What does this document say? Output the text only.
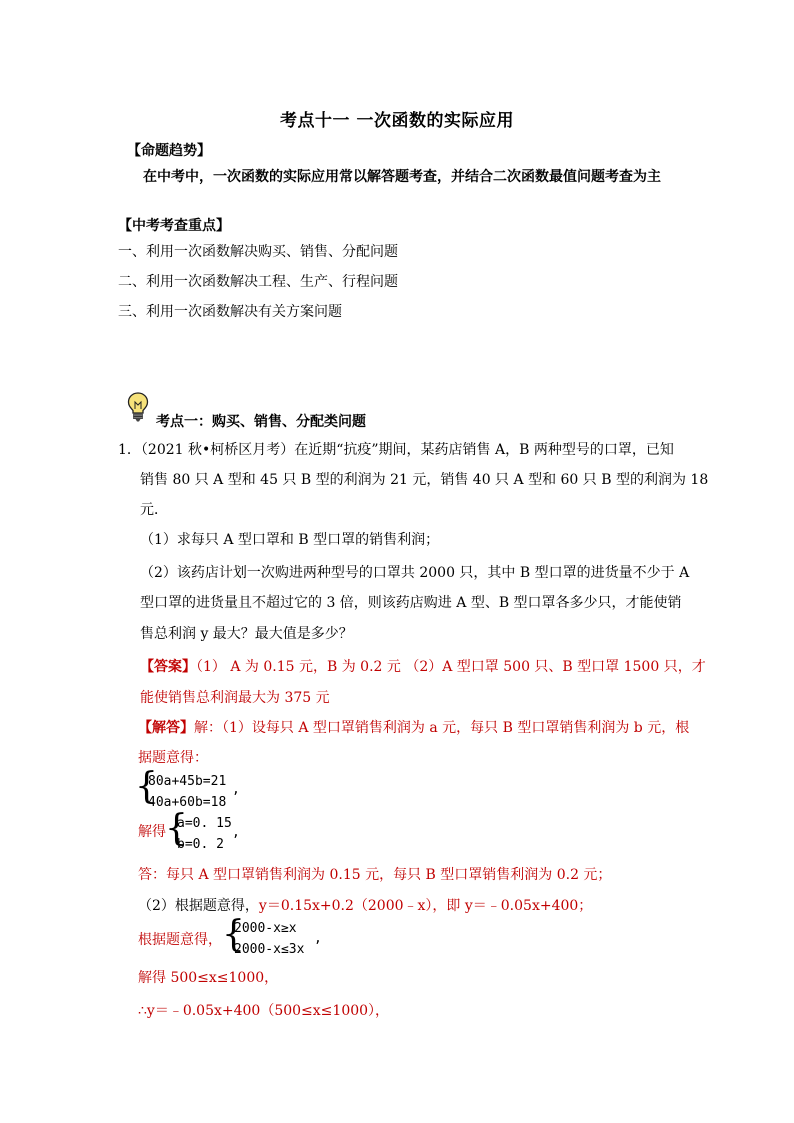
考点十一 一次函数的实际应用
【命题趋势】
在中考中，一次函数的实际应用常以解答题考查，并结合二次函数最值问题考查为主
【中考考查重点】
一、利用一次函数解决购买、销售、分配问题
二、利用一次函数解决工程、生产、行程问题
三、利用一次函数解决有关方案问题
考点一：购买、销售、分配类问题
1．（2021 秋•柯桥区月考）在近期“抗疫”期间，某药店销售 A，B 两种型号的口罩，已知
销售 80 只 A 型和 45 只 B 型的利润为 21 元，销售 40 只 A 型和 60 只 B 型的利润为 18
元．
（1）求每只 A 型口罩和 B 型口罩的销售利润；
（2）该药店计划一次购进两种型号的口罩共 2000 只，其中 B 型口罩的进货量不少于 A
型口罩的进货量且不超过它的 3 倍，则该药店购进 A 型、B 型口罩各多少只，才能使销
售总利润 y 最大？最大值是多少？
【答案】（1） A 为 0.15 元，B 为 0.2 元 （2）A 型口罩 500 只、B 型口罩 1500 只，才
能使销售总利润最大为 375 元
【解答】解：（1）设每只 A 型口罩销售利润为 a 元，每只 B 型口罩销售利润为 b 元，根
据题意得：
{
80a+45b=21
40a+60b=18
,
解得 {
a=0. 15
b=0. 2
,
答：每只 A 型口罩销售利润为 0.15 元，每只 B 型口罩销售利润为 0.2 元；
（2）根据题意得，y＝0.15x+0.2（2000﹣x），即 y＝﹣0.05x+400；
根据题意得， {
2000-x≥x
2000-x≤3x
,
解得 500≤x≤1000，
∴y＝﹣0.05x+400（500≤x≤1000），
